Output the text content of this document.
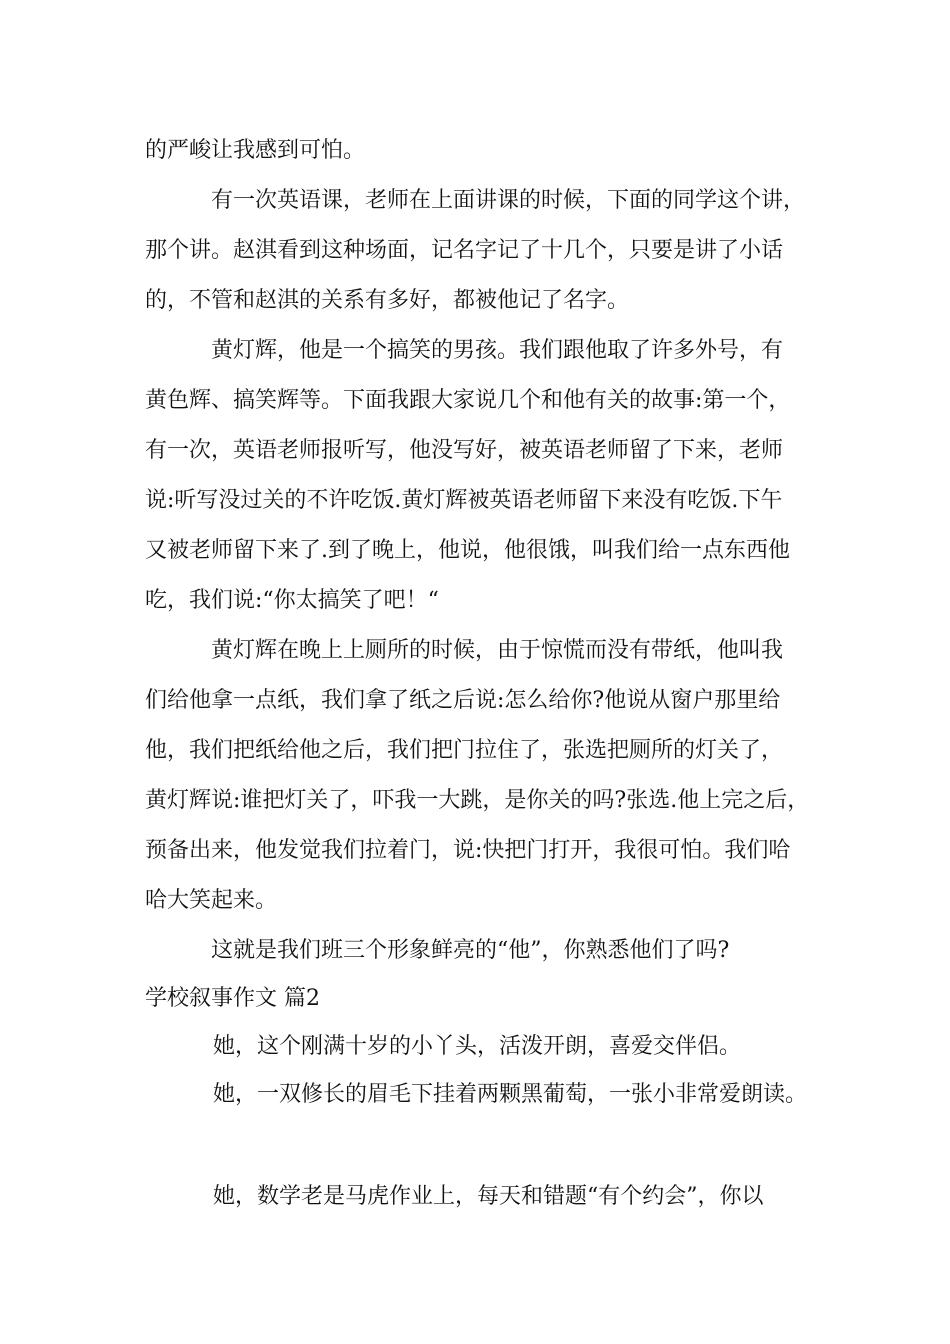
的严峻让我感到可怕。
有一次英语课，老师在上面讲课的时候，下面的同学这个讲，
那个讲。赵淇看到这种场面，记名字记了十几个，只要是讲了小话
的，不管和赵淇的关系有多好，都被他记了名字。
黄灯辉，他是一个搞笑的男孩。我们跟他取了许多外号，有
黄色辉、搞笑辉等。下面我跟大家说几个和他有关的故事:第一个，
有一次，英语老师报听写，他没写好，被英语老师留了下来，老师
说:听写没过关的不许吃饭.黄灯辉被英语老师留下来没有吃饭.下午
又被老师留下来了.到了晚上，他说，他很饿，叫我们给一点东西他
吃，我们说:“你太搞笑了吧！“
黄灯辉在晚上上厕所的时候，由于惊慌而没有带纸，他叫我
们给他拿一点纸，我们拿了纸之后说:怎么给你?他说从窗户那里给
他，我们把纸给他之后，我们把门拉住了，张选把厕所的灯关了，
黄灯辉说:谁把灯关了，吓我一大跳，是你关的吗?张选.他上完之后，
预备出来，他发觉我们拉着门，说:快把门打开，我很可怕。我们哈
哈大笑起来。
这就是我们班三个形象鲜亮的“他”，你熟悉他们了吗?
学校叙事作文 篇2
她，这个刚满十岁的小丫头，活泼开朗，喜爱交伴侣。
她，一双修长的眉毛下挂着两颗黑葡萄，一张小非常爱朗读。
她，数学老是马虎作业上，每天和错题“有个约会”，你以
